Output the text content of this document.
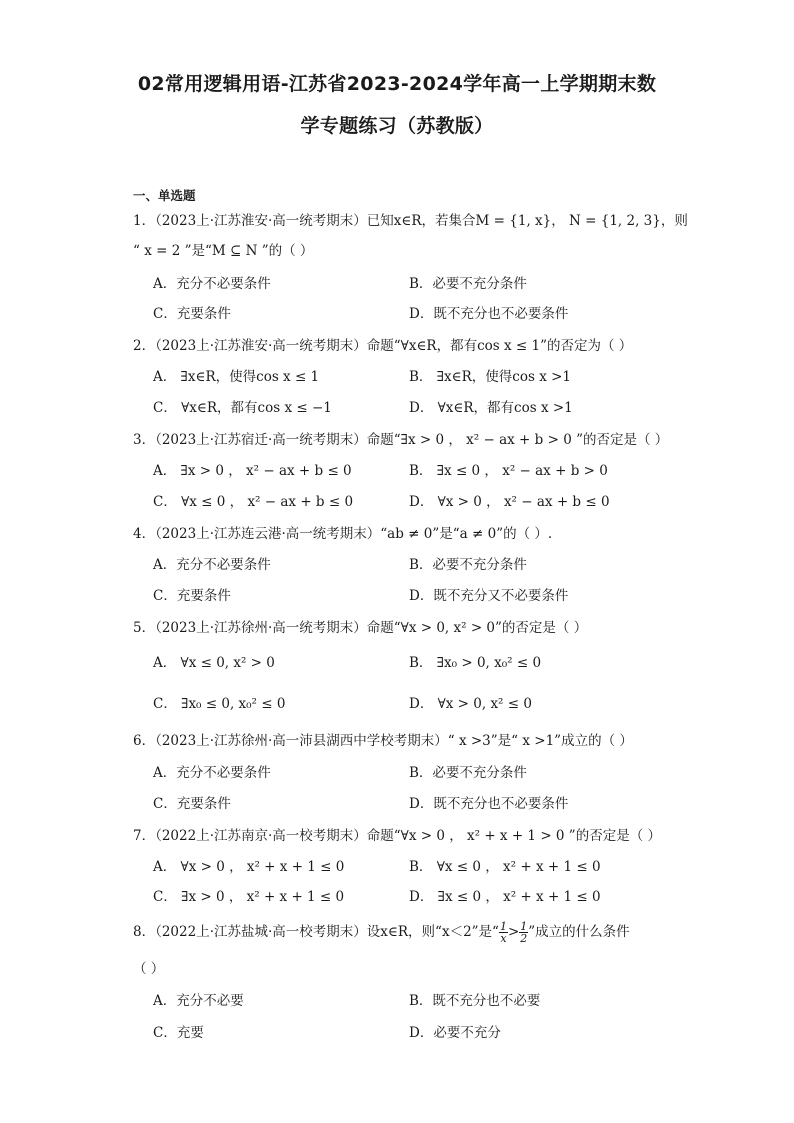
02常用逻辑用语-江苏省2023-2024学年高一上学期期末数
学专题练习（苏教版）
一、单选题
1．（2023上·江苏淮安·高一统考期末）已知x∈R，若集合M = {1, x}， N = {1, 2, 3}，则
“ x = 2 ”是“M ⊆ N ”的（ ）
A．充分不必要条件	B．必要不充分条件
C．充要条件	D．既不充分也不必要条件
2．（2023上·江苏淮安·高一统考期末）命题“∀x∈R，都有cos x ≤ 1”的否定为（ ）
A． ∃x∈R，使得cos x ≤ 1	B． ∃x∈R，使得cos x >1
C． ∀x∈R，都有cos x ≤ −1	D． ∀x∈R，都有cos x >1
3．（2023上·江苏宿迁·高一统考期末）命题“∃x > 0 ， x² − ax + b > 0 ”的否定是（ ）
A． ∃x > 0 ， x² − ax + b ≤ 0	B． ∃x ≤ 0 ， x² − ax + b > 0
C． ∀x ≤ 0 ， x² − ax + b ≤ 0	D． ∀x > 0 ， x² − ax + b ≤ 0
4．（2023上·江苏连云港·高一统考期末）“ab ≠ 0”是“a ≠ 0”的（ ）.
A．充分不必要条件	B．必要不充分条件
C．充要条件	D．既不充分又不必要条件
5．（2023上·江苏徐州·高一统考期末）命题“∀x > 0, x² > 0”的否定是（ ）
A． ∀x ≤ 0, x² > 0	B． ∃x₀ > 0, x₀² ≤ 0
C． ∃x₀ ≤ 0, x₀² ≤ 0	D． ∀x > 0, x² ≤ 0
6．（2023上·江苏徐州·高一沛县湖西中学校考期末）“ x >3”是“ x >1”成立的（ ）
A．充分不必要条件	B．必要不充分条件
C．充要条件	D．既不充分也不必要条件
7．（2022上·江苏南京·高一校考期末）命题“∀x > 0 ， x² + x + 1 > 0 ”的否定是（ ）
A． ∀x > 0 ， x² + x + 1 ≤ 0	B． ∀x ≤ 0 ， x² + x + 1 ≤ 0
C． ∃x > 0 ， x² + x + 1 ≤ 0	D． ∃x ≤ 0 ， x² + x + 1 ≤ 0
8．（2022上·江苏盐城·高一校考期末）设x∈R，则“x＜2”是“ $\frac{1}{x} > \frac{1}{2}$ ”成立的什么条件
（ ）
A．充分不必要	B．既不充分也不必要
C．充要	D．必要不充分
